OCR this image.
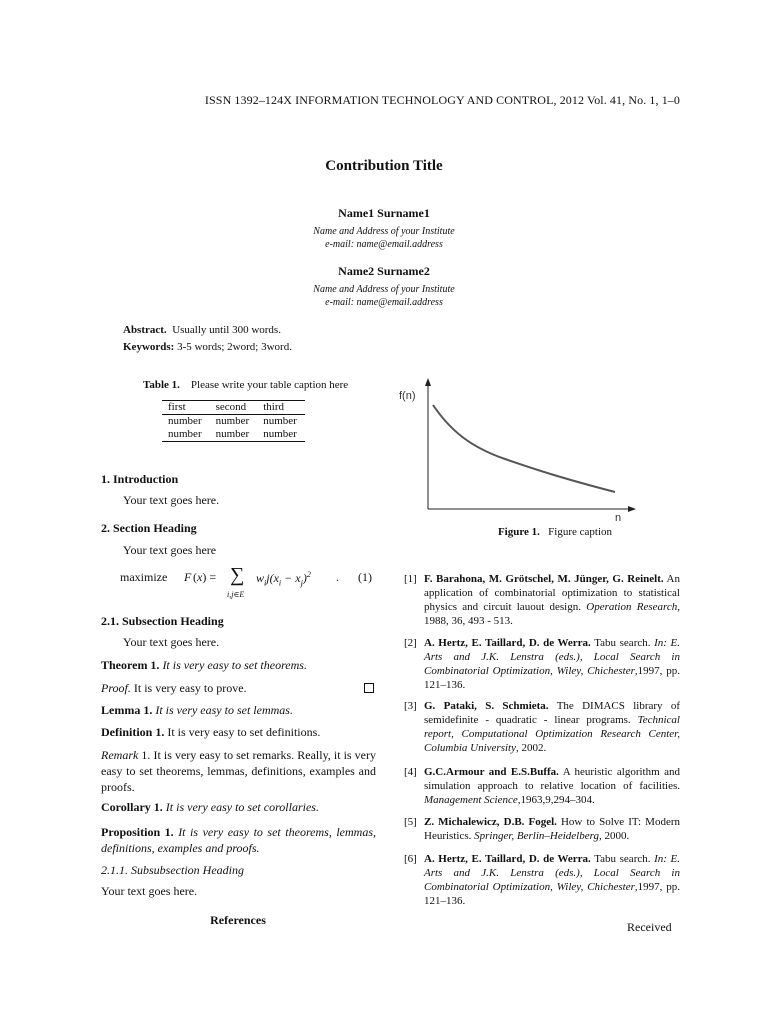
ISSN 1392–124X INFORMATION TECHNOLOGY AND CONTROL, 2012 Vol. 41, No. 1, 1–0
Contribution Title
Name1 Surname1
Name and Address of your Institute
e-mail: name@email.address
Name2 Surname2
Name and Address of your Institute
e-mail: name@email.address
Abstract. Usually until 300 words.
Keywords: 3-5 words; 2word; 3word.
Table 1. Please write your table caption here
first	second	third
number	number	number
number	number	number
f(n)
n
Figure 1. Figure caption
1. Introduction
Your text goes here.
2. Section Heading
Your text goes here
maximize F (x) = ∑
i,j∈E
$w_ij(x_i - x_j)^2$ . (1)
2.1. Subsection Heading
Your text goes here.
Theorem 1. It is very easy to set theorems.
Proof. It is very easy to prove.
Lemma 1. It is very easy to set lemmas.
Definition 1. It is very easy to set definitions.
Remark 1. It is very easy to set remarks. Really, it is very easy to set theorems, lemmas, definitions, examples and proofs.
Corollary 1. It is very easy to set corollaries.
Proposition 1. It is very easy to set theorems, lemmas, definitions, examples and proofs.
2.1.1. Subsubsection Heading
Your text goes here.
References
[1] F. Barahona, M. Grötschel, M. Jünger, G. Reinelt. An application of combinatorial optimization to statistical physics and circuit lauout design. Operation Research, 1988, 36, 493 - 513.
[2] A. Hertz, E. Taillard, D. de Werra. Tabu search. In: E. Arts and J.K. Lenstra (eds.), Local Search in Combinatorial Optimization, Wiley, Chichester,1997, pp. 121–136.
[3] G. Pataki, S. Schmieta. The DIMACS library of semidefinite - quadratic - linear programs. Technical report, Computational Optimization Research Center, Columbia University, 2002.
[4] G.C.Armour and E.S.Buffa. A heuristic algorithm and simulation approach to relative location of facilities. Management Science,1963,9,294–304.
[5] Z. Michalewicz, D.B. Fogel. How to Solve IT: Modern Heuristics. Springer, Berlin–Heidelberg, 2000.
[6] A. Hertz, E. Taillard, D. de Werra. Tabu search. In: E. Arts and J.K. Lenstra (eds.), Local Search in Combinatorial Optimization, Wiley, Chichester,1997, pp. 121–136.
Received
